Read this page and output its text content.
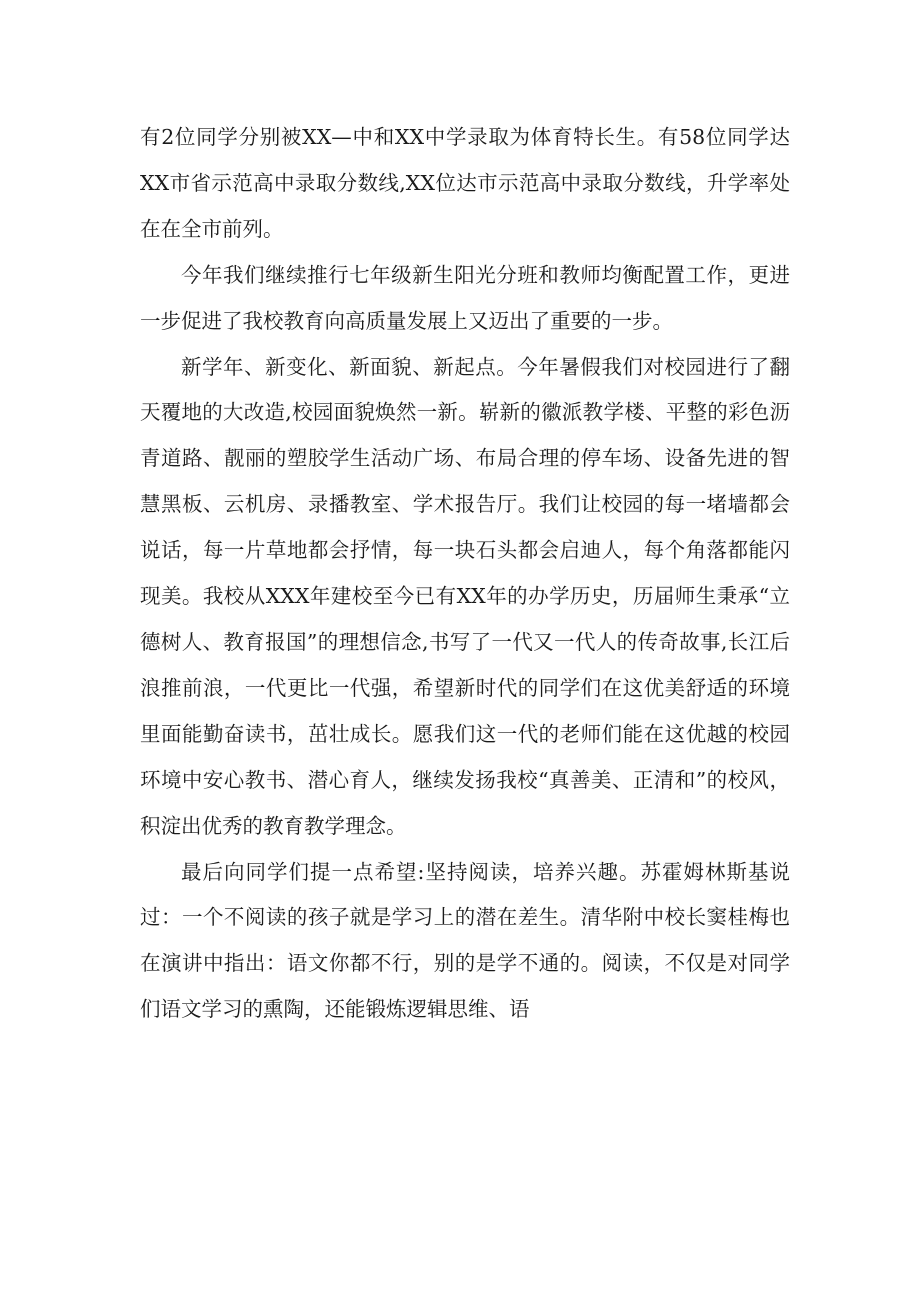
有2位同学分别被XX—中和XX中学录取为体育特长生。有58位同学达XX市省示范高中录取分数线,XX位达市示范高中录取分数线，升学率处在在全市前列。

今年我们继续推行七年级新生阳光分班和教师均衡配置工作，更进一步促进了我校教育向高质量发展上又迈出了重要的一步。

新学年、新变化、新面貌、新起点。今年暑假我们对校园进行了翻天覆地的大改造,校园面貌焕然一新。崭新的徽派教学楼、平整的彩色沥青道路、靓丽的塑胶学生活动广场、布局合理的停车场、设备先进的智慧黑板、云机房、录播教室、学术报告厅。我们让校园的每一堵墙都会说话，每一片草地都会抒情，每一块石头都会启迪人，每个角落都能闪现美。我校从XXX年建校至今已有XX年的办学历史，历届师生秉承“立德树人、教育报国”的理想信念,书写了一代又一代人的传奇故事,长江后浪推前浪，一代更比一代强，希望新时代的同学们在这优美舒适的环境里面能勤奋读书，茁壮成长。愿我们这一代的老师们能在这优越的校园环境中安心教书、潜心育人，继续发扬我校“真善美、正清和”的校风，积淀出优秀的教育教学理念。

最后向同学们提一点希望:坚持阅读，培养兴趣。苏霍姆林斯基说过：一个不阅读的孩子就是学习上的潜在差生。清华附中校长窦桂梅也在演讲中指出：语文你都不行，别的是学不通的。阅读，不仅是对同学们语文学习的熏陶，还能锻炼逻辑思维、语
